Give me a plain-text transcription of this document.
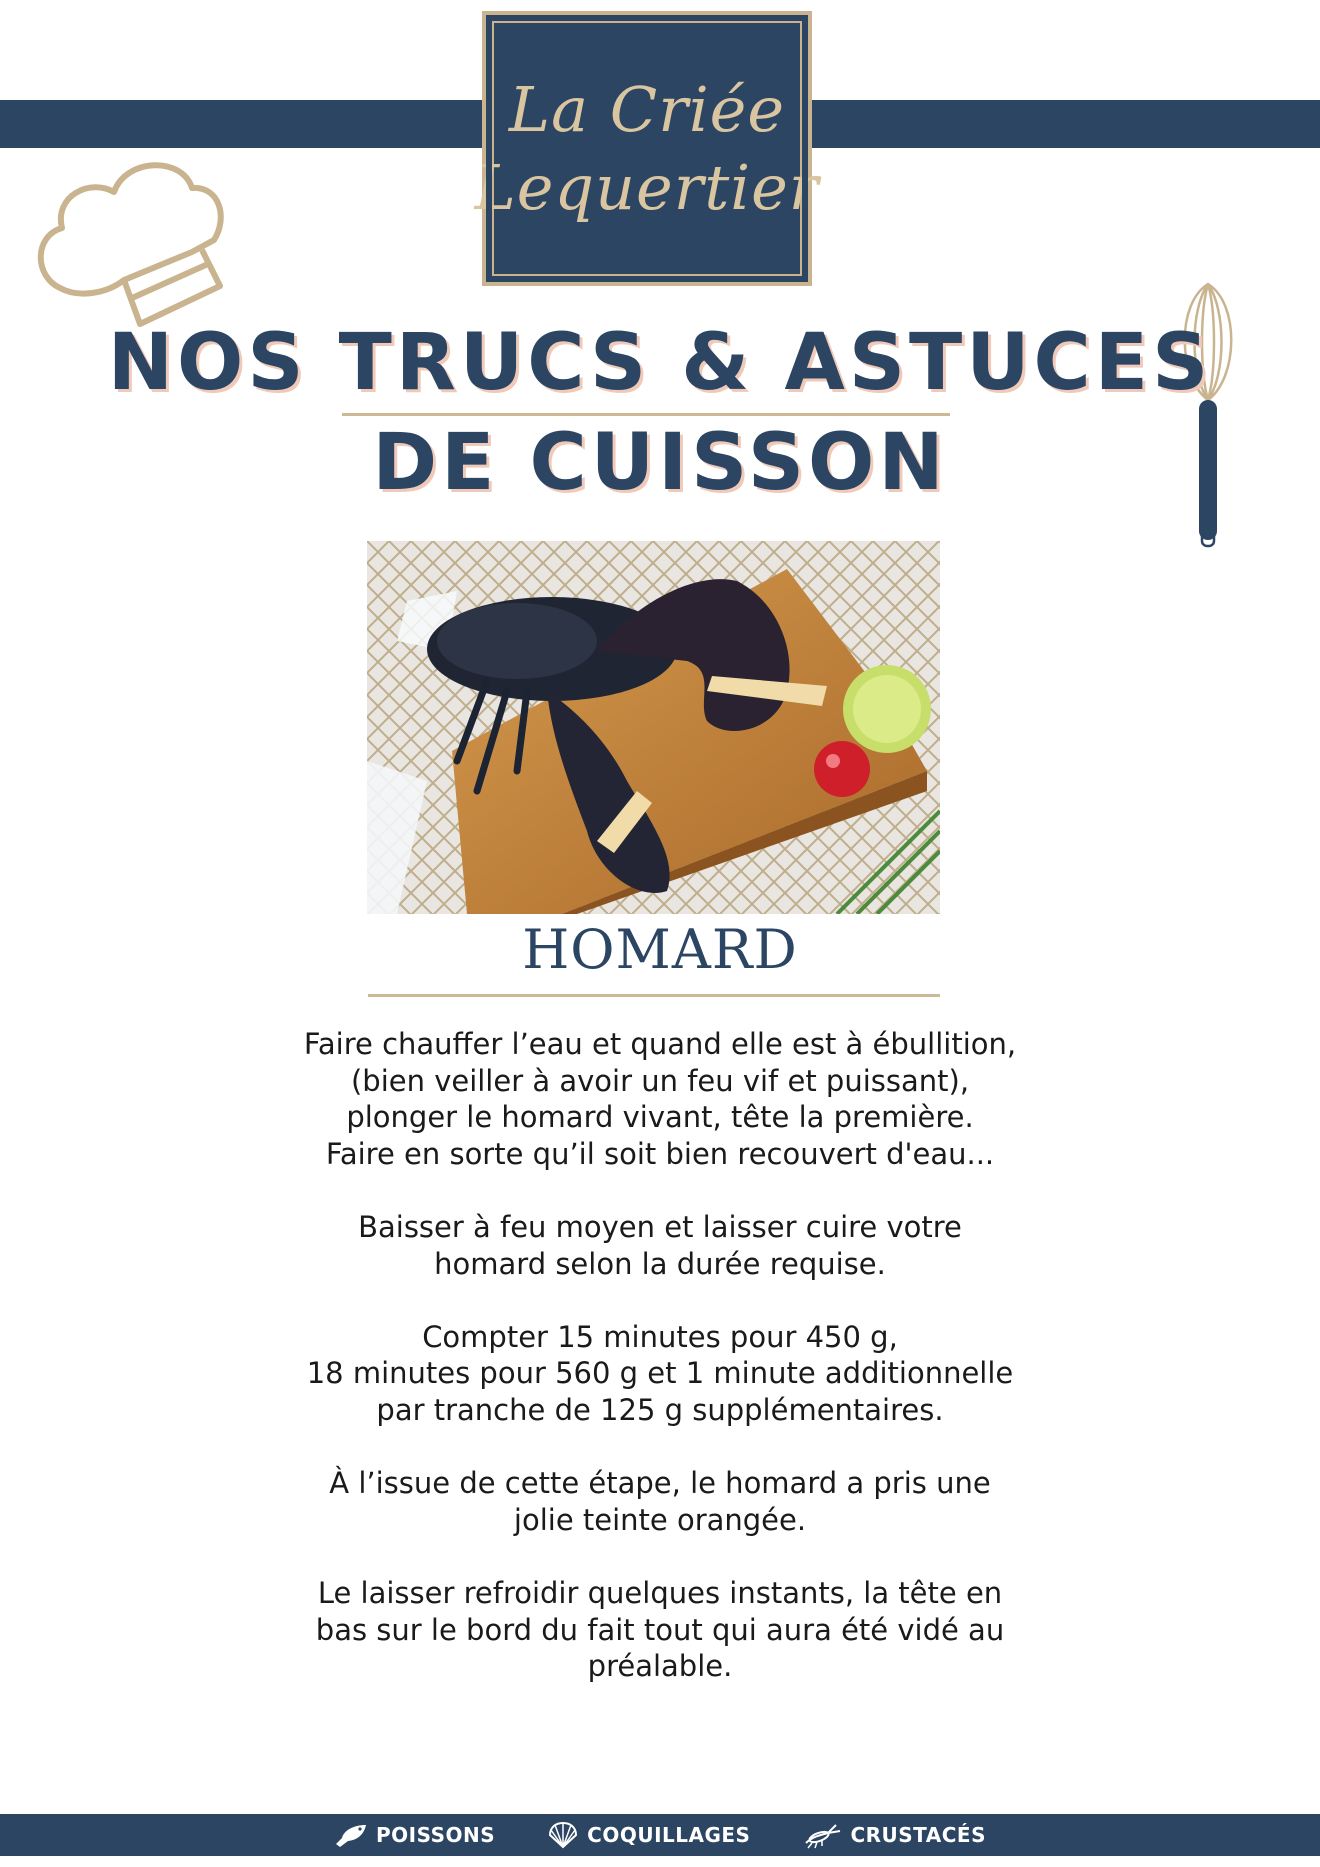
La Criée
Lequertier
NOS TRUCS & ASTUCES
DE CUISSON
HOMARD

Faire chauffer l’eau et quand elle est à ébullition,
(bien veiller à avoir un feu vif et puissant),
plonger le homard vivant, tête la première.
Faire en sorte qu’il soit bien recouvert d'eau...

Baisser à feu moyen et laisser cuire votre
homard selon la durée requise.

Compter 15 minutes pour 450 g,
18 minutes pour 560 g et 1 minute additionnelle
par tranche de 125 g supplémentaires.

À l’issue de cette étape, le homard a pris une
jolie teinte orangée.

Le laisser refroidir quelques instants, la tête en
bas sur le bord du fait tout qui aura été vidé au
préalable.

POISSONS	COQUILLAGES	CRUSTACÉS
